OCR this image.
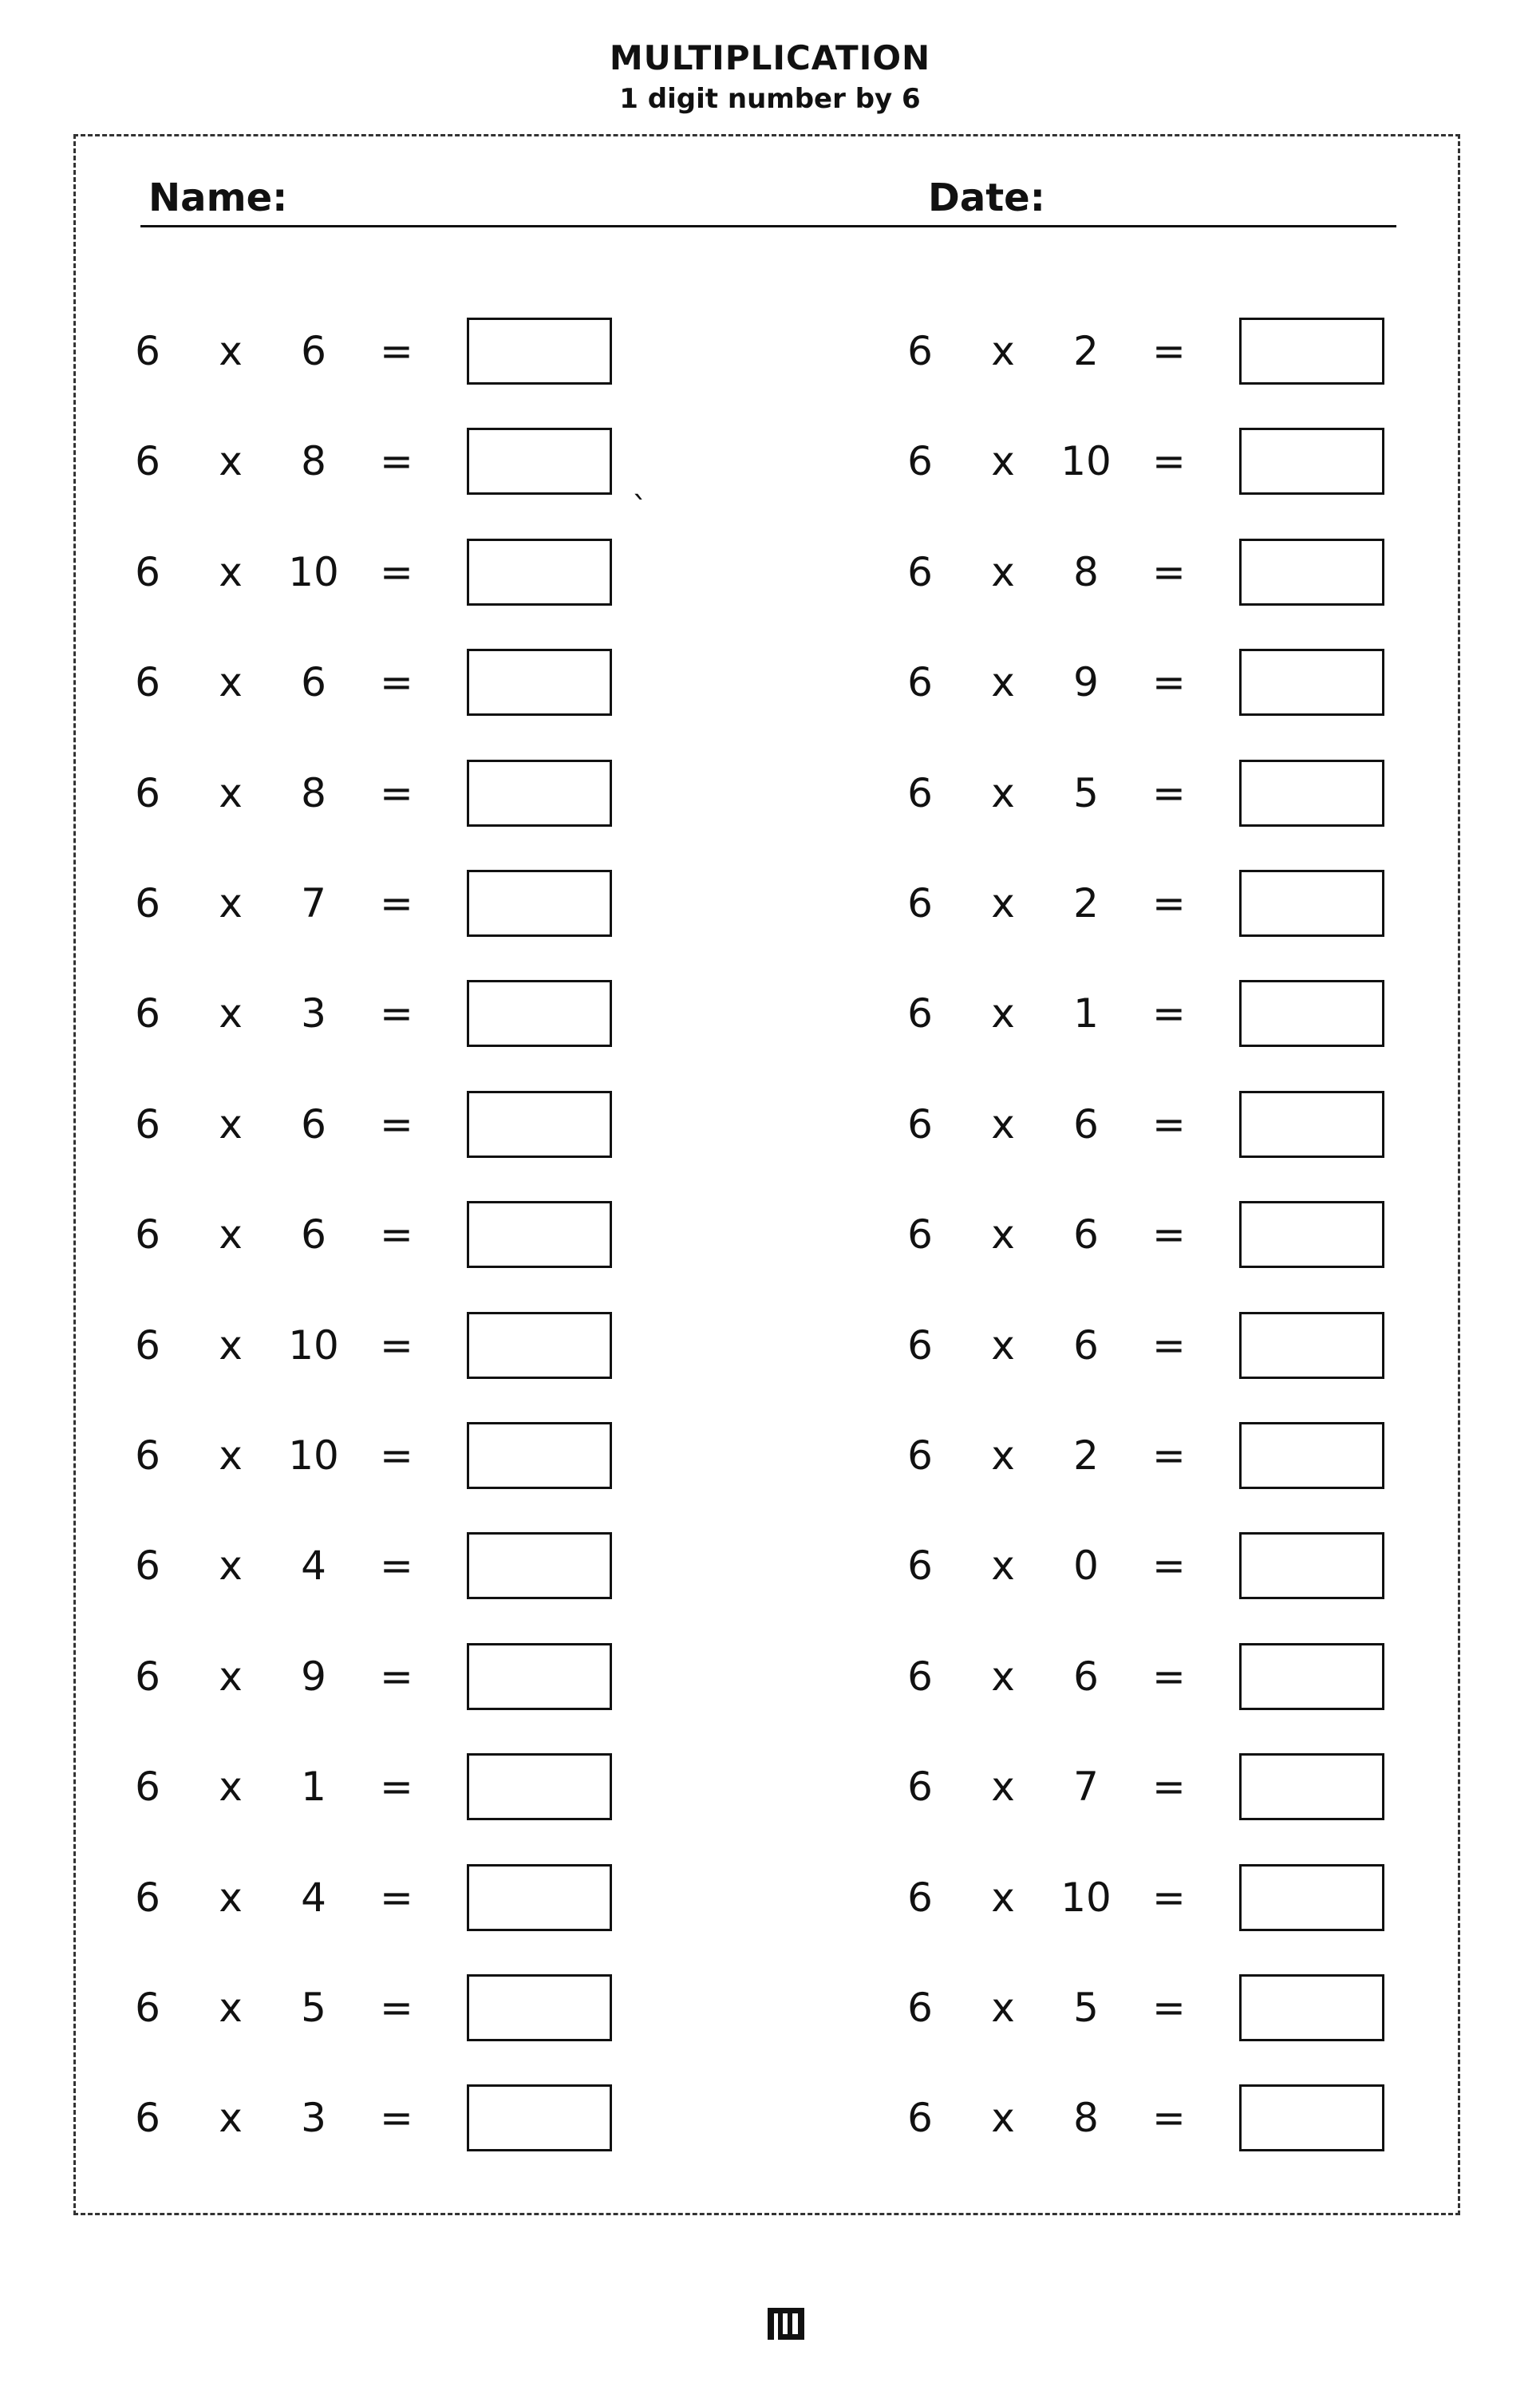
MULTIPLICATION
1 digit number by 6
Name:	Date:
6	x	6	=
6	x	8	=
6	x	10	=
6	x	6	=
6	x	8	=
6	x	7	=
6	x	3	=
6	x	6	=
6	x	6	=
6	x	10	=
6	x	10	=
6	x	4	=
6	x	9	=
6	x	1	=
6	x	4	=
6	x	5	=
6	x	3	=
6	x	2	=
6	x	10	=
6	x	8	=
6	x	9	=
6	x	5	=
6	x	2	=
6	x	1	=
6	x	6	=
6	x	6	=
6	x	6	=
6	x	2	=
6	x	0	=
6	x	6	=
6	x	7	=
6	x	10	=
6	x	5	=
6	x	8	=
`
